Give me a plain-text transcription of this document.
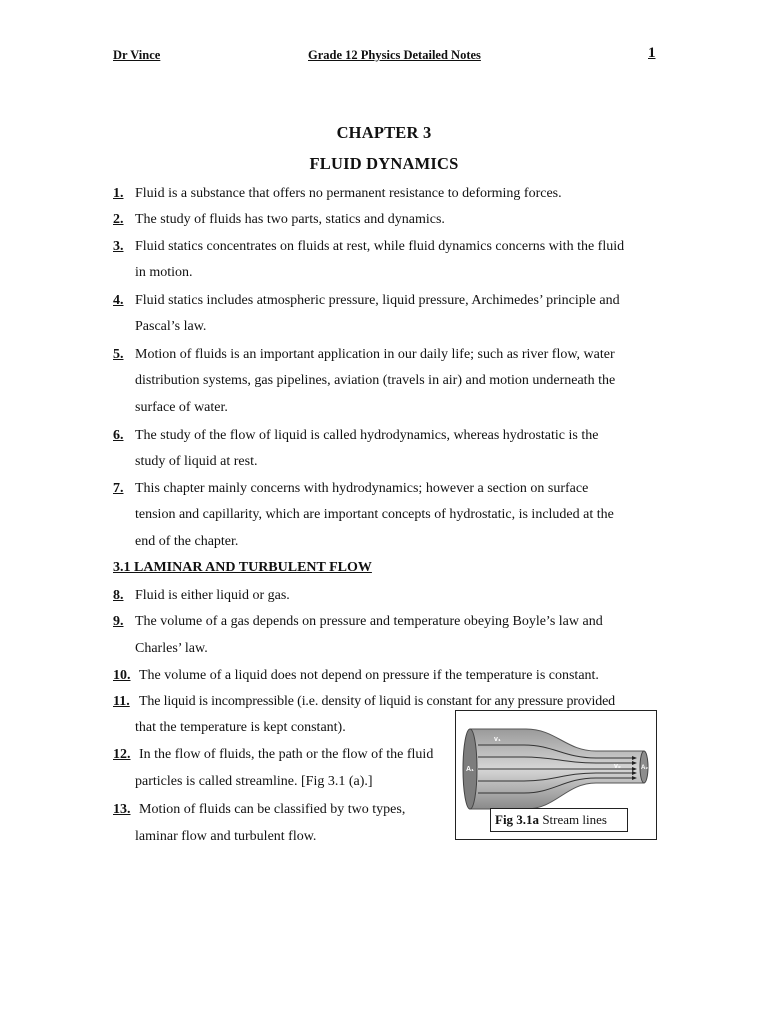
Dr Vince	Grade 12 Physics Detailed Notes	1
CHAPTER 3
FLUID DYNAMICS
1. Fluid is a substance that offers no permanent resistance to deforming forces.
2. The study of fluids has two parts, statics and dynamics.
3. Fluid statics concentrates on fluids at rest, while fluid dynamics concerns with the fluid
in motion.
4. Fluid statics includes atmospheric pressure, liquid pressure, Archimedes’ principle and
Pascal’s law.
5. Motion of fluids is an important application in our daily life; such as river flow, water
distribution systems, gas pipelines, aviation (travels in air) and motion underneath the
surface of water.
6. The study of the flow of liquid is called hydrodynamics, whereas hydrostatic is the
study of liquid at rest.
7. This chapter mainly concerns with hydrodynamics; however a section on surface
tension and capillarity, which are important concepts of hydrostatic, is included at the
end of the chapter.
3.1 LAMINAR AND TURBULENT FLOW
8. Fluid is either liquid or gas.
9. The volume of a gas depends on pressure and temperature obeying Boyle’s law and
Charles’ law.
10. The volume of a liquid does not depend on pressure if the temperature is constant.
11. The liquid is incompressible (i.e. density of liquid is constant for any pressure provided
that the temperature is kept constant).
12. In the flow of fluids, the path or the flow of the fluid
particles is called streamline. [Fig 3.1 (a).]
13. Motion of fluids can be classified by two types,
laminar flow and turbulent flow.
A₁
v₁
v₂	A₂
Fig 3.1a Stream lines
